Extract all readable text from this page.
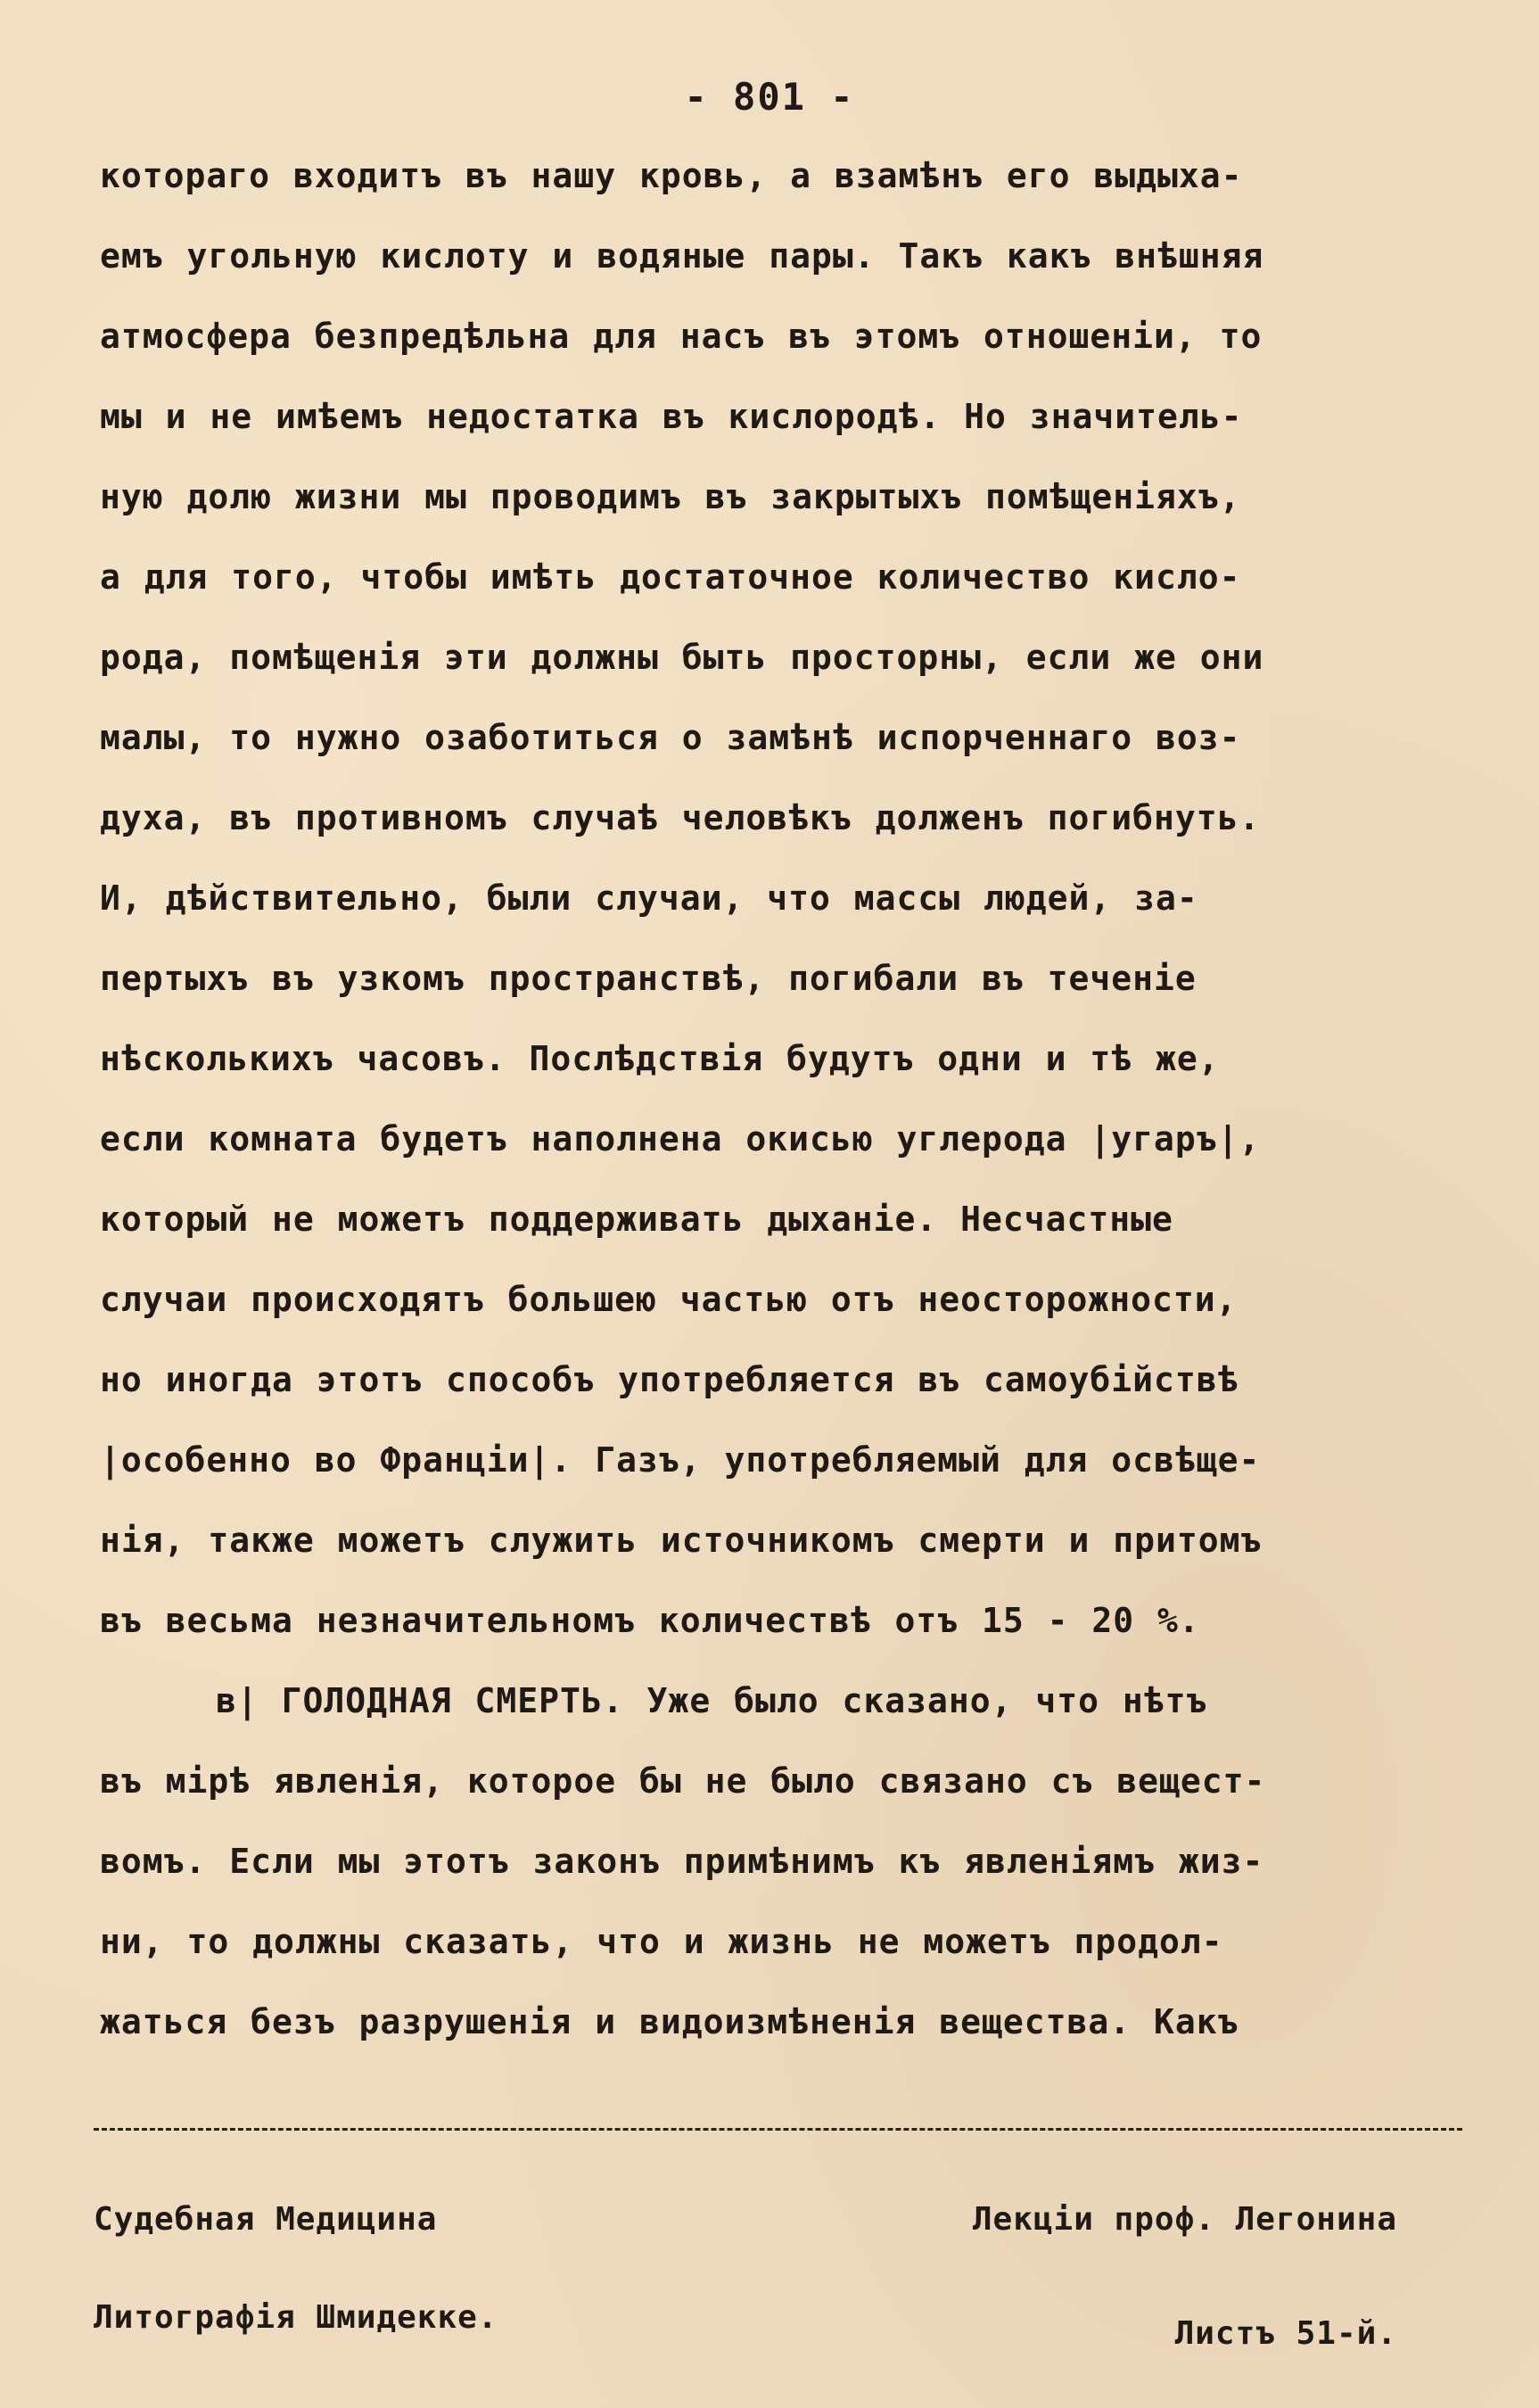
- 801 -
котораго входитъ въ нашу кровь, а взамѣнъ его выдыха-
емъ угольную кислоту и водяные пары. Такъ какъ внѣшняя
атмосфера безпредѣльна для насъ въ этомъ отношенiи, то
мы и не имѣемъ недостатка въ кислородѣ. Но значитель-
ную долю жизни мы проводимъ въ закрытыхъ помѣщенiяхъ,
а для того, чтобы имѣть достаточное количество кисло-
рода, помѣщенiя эти должны быть просторны, если же они
малы, то нужно озаботиться о замѣнѣ испорченнаго воз-
духа, въ противномъ случаѣ человѣкъ долженъ погибнуть.
И, дѣйствительно, были случаи, что массы людей, за-
пертыхъ въ узкомъ пространствѣ, погибали въ теченiе
нѣсколькихъ часовъ. Послѣдствiя будутъ одни и тѣ же,
если комната будетъ наполнена окисью углерода |угаръ|,
который не можетъ поддерживать дыханiе. Несчастные
случаи происходятъ большею частью отъ неосторожности,
но иногда этотъ способъ употребляется въ самоубiйствѣ
|особенно во Францiи|. Газъ, употребляемый для освѣще-
нiя, также можетъ служить источникомъ смерти и притомъ
въ весьма незначительномъ количествѣ отъ 15 - 20 %.
в| ГОЛОДНАЯ СМЕРТЬ. Уже было сказано, что нѣтъ
въ мiрѣ явленiя, которое бы не было связано съ вещест-
вомъ. Если мы этотъ законъ примѣнимъ къ явленiямъ жиз-
ни, то должны сказать, что и жизнь не можетъ продол-
жаться безъ разрушенiя и видоизмѣненiя вещества. Какъ
Судебная Медицина	Лекцiи проф. Легонина
Литографiя Шмидекке.	Листъ 51-й.
